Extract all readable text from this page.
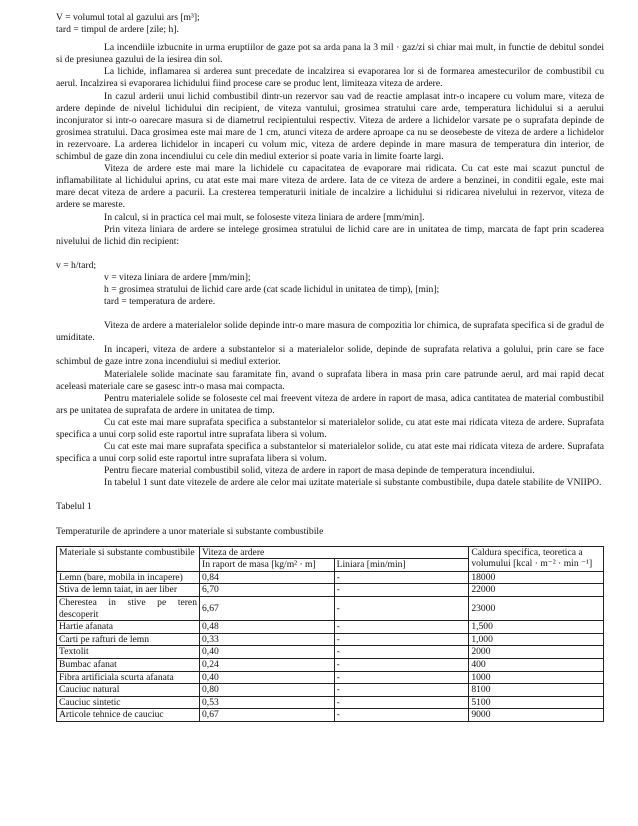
V = volumul total al gazului ars [m³];

tard = timpul de ardere [zile; h].

La incendiile izbucnite in urma eruptiilor de gaze pot sa arda pana la 3 mil · gaz/zi si chiar mai mult, in functie de debitul sondei si de presiunea gazului de la iesirea din sol.

La lichide, inflamarea si arderea sunt precedate de incalzirea si evaporarea lor si de formarea amestecurilor de combustibil cu aerul. Incalzirea si evaporarea lichidului fiind procese care se produc lent, limiteaza viteza de ardere.

In cazul arderii unui lichid combustibil dintr-un rezervor sau vad de reactie amplasat intr-o incapere cu volum mare, viteza de ardere depinde de nivelul lichidului din recipient, de viteza vantului, grosimea stratului care arde, temperatura lichidului si a aerului inconjurator si intr-o oarecare masura si de diametrul recipientului respectiv. Viteza de ardere a lichidelor varsate pe o suprafata depinde de grosimea stratului. Daca grosimea este mai mare de 1 cm, atunci viteza de ardere aproape ca nu se deosebeste de viteza de ardere a lichidelor in rezervoare. La arderea lichidelor in incaperi cu volum mic, viteza de ardere depinde in mare masura de temperatura din interior, de schimbul de gaze din zona incendiului cu cele din mediul exterior si poate varia in limite foarte largi.

Viteza de ardere este mai mare la lichidele cu capacitatea de evaporare mai ridicata. Cu cat este mai scazut punctul de inflamabilitate al lichidului aprins, cu atat este mai mare viteza de ardere. Iata de ce viteza de ardere a benzinei, in conditii egale, este mai mare decat viteza de ardere a pacurii. La cresterea temperaturii initiale de incalzire a lichidului si ridicarea nivelului in rezervor, viteza de ardere se mareste.

In calcul, si in practica cel mai mult, se foloseste viteza liniara de ardere [mm/min].

Prin viteza liniara de ardere se intelege grosimea stratului de lichid care are in unitatea de timp, marcata de fapt prin scaderea nivelului de lichid din recipient:

v = h/tard;

v = viteza liniara de ardere [mm/min];

h = grosimea stratului de lichid care arde (cat scade lichidul in unitatea de timp), [min];

tard = temperatura de ardere.

Viteza de ardere a materialelor solide depinde intr-o mare masura de compozitia lor chimica, de suprafata specifica si de gradul de umiditate.

In incaperi, viteza de ardere a substantelor si a materialelor solide, depinde de suprafata relativa a golului, prin care se face schimbul de gaze intre zona incendiului si mediul exterior.

Materialele solide macinate sau faramitate fin, avand o suprafata libera in masa prin care patrunde aerul, ard mai rapid decat aceleasi materiale care se gasesc intr-o masa mai compacta.

Pentru materialele solide se foloseste cel mai freevent viteza de ardere in raport de masa, adica cantitatea de material combustibil ars pe unitatea de suprafata de ardere in unitatea de timp.

Cu cat este mai mare suprafata specifica a substantelor si materialelor solide, cu atat este mai ridicata viteza de ardere. Suprafata specifica a unui corp solid este raportul intre suprafata libera si volum.

Cu cat este mai mare suprafata specifica a substantelor si materialelor solide, cu atat este mai ridicata viteza de ardere. Suprafata specifica a unui corp solid este raportul intre suprafata libera si volum.

Pentru fiecare material combustibil solid, viteza de ardere in raport de masa depinde de temperatura incendiului.

In tabelul 1 sunt date vitezele de ardere ale celor mai uzitate materiale si substante combustibile, dupa datele stabilite de VNIIPO.

Tabelul 1

Temperaturile de aprindere a unor materiale si substante combustibile

Materiale si substante combustibile	Viteza de ardere		Caldura specifica, teoretica a volumului [kcal · m⁻² · min ⁻¹]
	In raport de masa [kg/m² · m]	Liniara [min/min]	
Lemn (bare, mobila in incapere)	0,84	-	18000
Stiva de lemn taiat, in aer liber	6,70	-	22000
Cheresteа in stive pe teren descoperit	6,67	-	23000
Hartie afanata	0,48	-	1,500
Carti pe rafturi de lemn	0,33	-	1,000
Textolit	0,40	-	2000
Bumbac afanat	0,24	-	400
Fibra artificiala scurta afanata	0,40	-	1000
Cauciuc natural	0,80	-	8100
Cauciuc sintetic	0,53	-	5100
Articole tehnice de cauciuc	0,67	-	9000
